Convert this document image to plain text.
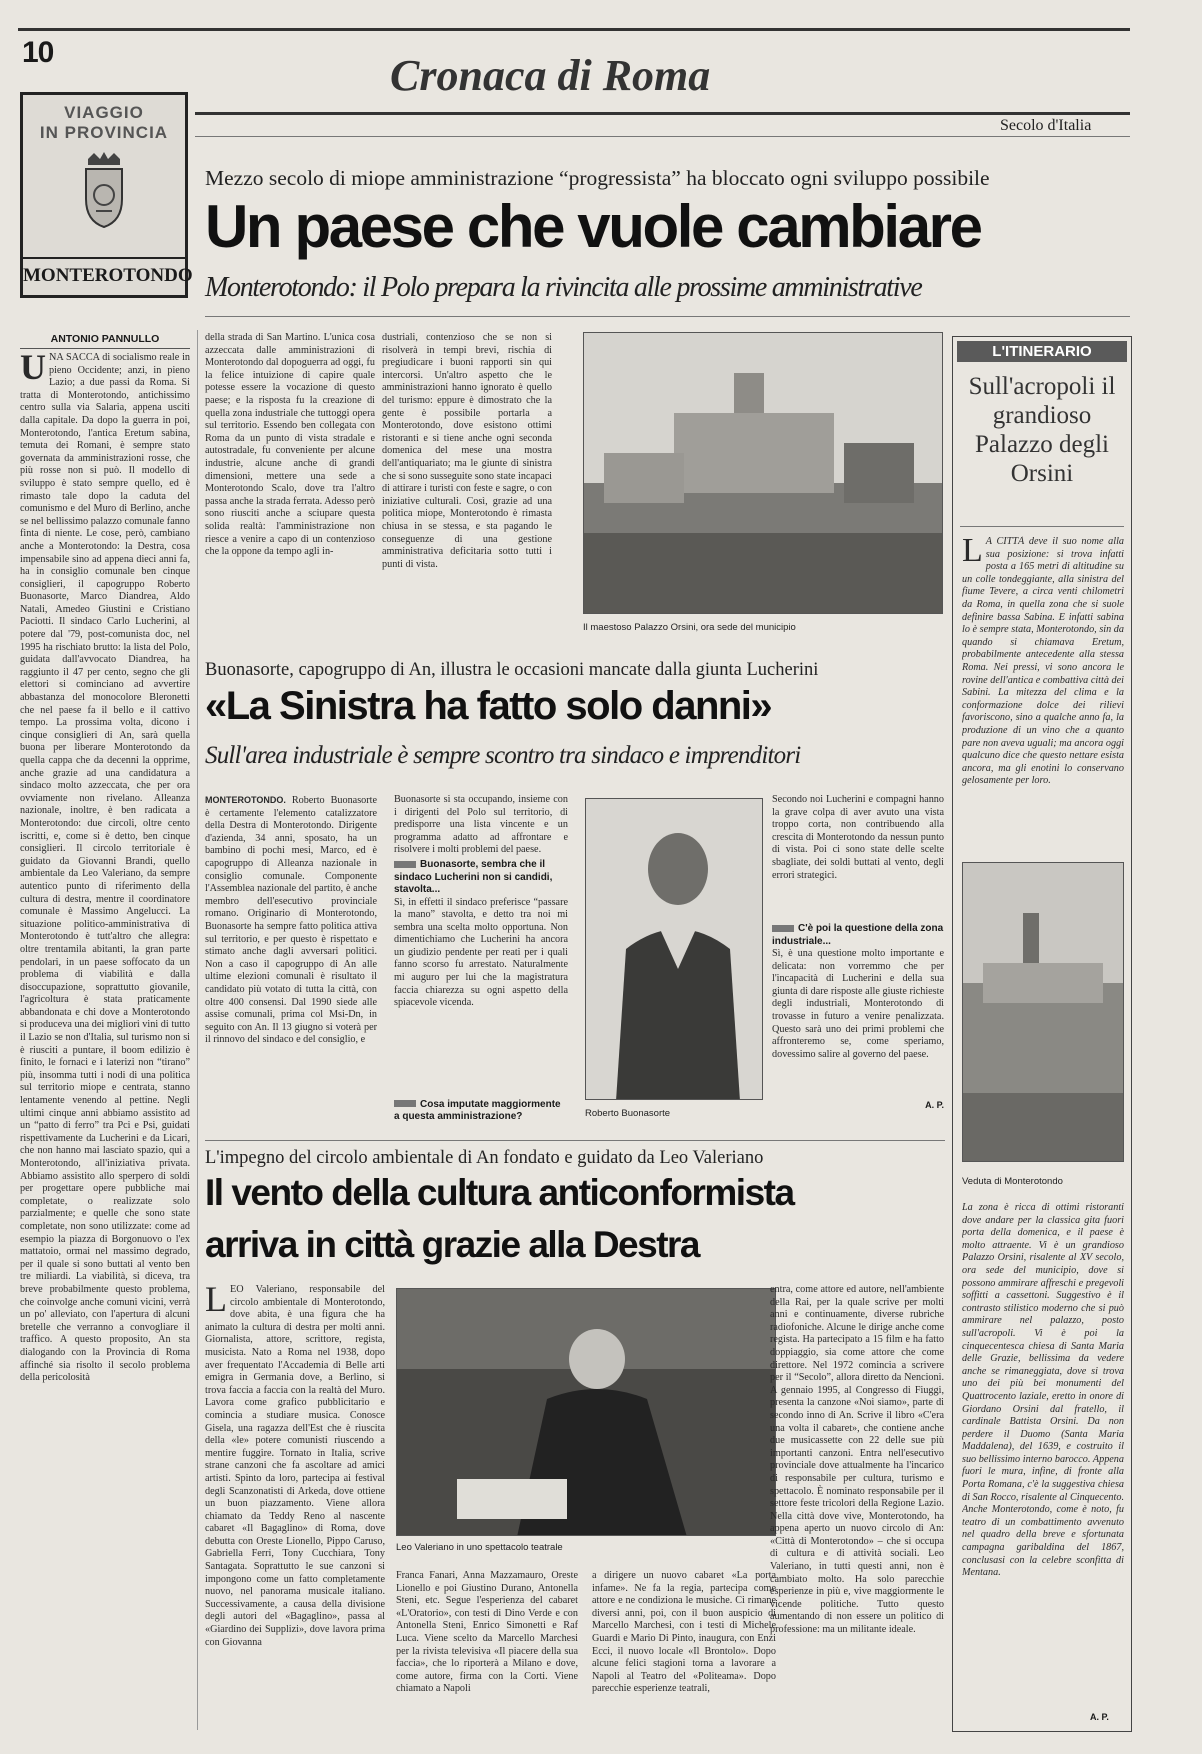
10	Cronaca di Roma
Secolo d'Italia
VIAGGIO
IN PROVINCIA
MONTEROTONDO
Mezzo secolo di miope amministrazione “progressista” ha bloccato ogni sviluppo possibile
Un paese che vuole cambiare
Monterotondo: il Polo prepara la rivincita alle prossime amministrative
ANTONIO PANNULLO
UNA SACCA di socialismo reale in pieno Occidente; anzi, in pieno Lazio; a due passi da Roma. Si tratta di Monterotondo, antichissimo centro sulla via Salaria, appena usciti dalla capitale. Da dopo la guerra in poi, Monterotondo, l'antica Eretum sabina, temuta dei Romani, è sempre stato governata da amministrazioni rosse, che più rosse non si può. Il modello di sviluppo è stato sempre quello, ed è rimasto tale dopo la caduta del comunismo e del Muro di Berlino, anche se nel bellissimo palazzo comunale fanno finta di niente. Le cose, però, cambiano anche a Monterotondo: la Destra, cosa impensabile sino ad appena dieci anni fa, ha in consiglio comunale ben cinque consiglieri, il capogruppo Roberto Buonasorte, Marco Diandrea, Aldo Natali, Amedeo Giustini e Cristiano Paciotti. Il sindaco Carlo Lucherini, al potere dal '79, post-comunista doc, nel 1995 ha rischiato brutto: la lista del Polo, guidata dall'avvocato Diandrea, ha raggiunto il 47 per cento, segno che gli elettori si cominciano ad avvertire abbastanza del monocolore Bleronetti che nel paese fa il bello e il cattivo tempo. La prossima volta, dicono i cinque consiglieri di An, sarà quella buona per liberare Monterotondo da quella cappa che da decenni la opprime, anche grazie ad una candidatura a sindaco molto azzeccata, che per ora ovviamente non rivelano. Alleanza nazionale, inoltre, è ben radicata a Monterotondo: due circoli, oltre cento iscritti, e, come si è detto, ben cinque consiglieri. Il circolo territoriale è guidato da Giovanni Brandi, quello ambientale da Leo Valeriano, da sempre autentico punto di riferimento della cultura di destra, mentre il coordinatore comunale è Massimo Angelucci. La situazione politico-amministrativa di Monterotondo è tutt'altro che allegra: oltre trentamila abitanti, la gran parte pendolari, in un paese soffocato da un problema di viabilità e dalla disoccupazione, soprattutto giovanile, l'agricoltura è stata praticamente abbandonata e chi dove a Monterotondo si produceva una dei migliori vini di tutto il Lazio se non d'Italia, sul turismo non si è riusciti a puntare, il boom edilizio è finito, le fornaci e i laterizi non “tirano” più, insomma tutti i nodi di una politica sul territorio miope e centrata, stanno lentamente venendo al pettine. Negli ultimi cinque anni abbiamo assistito ad un “patto di ferro” tra Pci e Psi, guidati rispettivamente da Lucherini e da Licari, che non hanno mai lasciato spazio, qui a Monterotondo, all'iniziativa privata. Abbiamo assistito allo sperpero di soldi per progettare opere pubbliche mai completate, o realizzate solo parzialmente; e quelle che sono state completate, non sono utilizzate: come ad esempio la piazza di Borgonuovo o l'ex mattatoio, ormai nel massimo degrado, per il quale si sono buttati al vento ben tre miliardi. La viabilità, si diceva, tra breve probabilmente questo problema, che coinvolge anche comuni vicini, verrà un po' alleviato, con l'apertura di alcuni bretelle che verranno a convogliare il traffico. A questo proposito, An sta dialogando con la Provincia di Roma affinché sia risolto il secolo problema della pericolosità
della strada di San Martino. L'unica cosa azzeccata dalle amministrazioni di Monterotondo dal dopoguerra ad oggi, fu la felice intuizione di capire quale potesse essere la vocazione di questo paese; e la risposta fu la creazione di quella zona industriale che tuttoggi opera sul territorio. Essendo ben collegata con Roma da un punto di vista stradale e autostradale, fu conveniente per alcune industrie, alcune anche di grandi dimensioni, mettere una sede a Monterotondo Scalo, dove tra l'altro passa anche la strada ferrata. Adesso però sono riusciti anche a sciupare questa solida realtà: l'amministrazione non riesce a venire a capo di un contenzioso che la oppone da tempo agli in-
dustriali, contenzioso che se non si risolverà in tempi brevi, rischia di pregiudicare i buoni rapporti sin qui intercorsi. Un'altro aspetto che le amministrazioni hanno ignorato è quello del turismo: eppure è dimostrato che la gente è possibile portarla a Monterotondo, dove esistono ottimi ristoranti e si tiene anche ogni seconda domenica del mese una mostra dell'antiquariato; ma le giunte di sinistra che si sono susseguite sono state incapaci di attirare i turisti con feste e sagre, o con iniziative culturali. Così, grazie ad una politica miope, Monterotondo è rimasta chiusa in se stessa, e sta pagando le conseguenze di una gestione amministrativa deficitaria sotto tutti i punti di vista.
Il maestoso Palazzo Orsini, ora sede del municipio
L'ITINERARIO
Sull'acropoli il grandioso Palazzo degli Orsini
L A CITTÀ deve il suo nome alla sua posizione: si trova infatti posta a 165 metri di altitudine su un colle tondeggiante, alla sinistra del fiume Tevere, a circa venti chilometri da Roma, in quella zona che si suole definire bassa Sabina. E infatti sabina lo è sempre stata, Monterotondo, sin da quando si chiamava Eretum, probabilmente antecedente alla stessa Roma. Nei pressi, vi sono ancora le rovine dell'antica e combattiva città dei Sabini. La mitezza del clima e la conformazione dolce dei rilievi favoriscono, sino a qualche anno fa, la produzione di un vino che a quanto pare non aveva uguali; ma ancora oggi qualcuno dice che questo nettare esista ancora, ma gli enotini lo conservano gelosamente per loro.
Veduta di Monterotondo
La zona è ricca di ottimi ristoranti dove andare per la classica gita fuori porta della domenica, e il paese è molto attraente. Vi è un grandioso Palazzo Orsini, risalente al XV secolo, ora sede del municipio, dove si possono ammirare affreschi e pregevoli soffitti a cassettoni. Suggestivo è il contrasto stilistico moderno che si può ammirare nel palazzo, posto sull'acropoli. Vi è poi la cinquecentesca chiesa di Santa Maria delle Grazie, bellissima da vedere anche se rimaneggiata, dove si trova uno dei più bei monumenti del Quattrocento laziale, eretto in onore di Giordano Orsini dal fratello, il cardinale Battista Orsini. Da non perdere il Duomo (Santa Maria Maddalena), del 1639, e costruito il suo bellissimo interno barocco. Appena fuori le mura, infine, di fronte alla Porta Romana, c'è la suggestiva chiesa di San Rocco, risalente al Cinquecento. Anche Monterotondo, come è noto, fu teatro di un combattimento avvenuto nel quadro della breve e sfortunata campagna garibaldina del 1867, conclusasi con la celebre sconfitta di Mentana.
A. P.
Buonasorte, capogruppo di An, illustra le occasioni mancate dalla giunta Lucherini
«La Sinistra ha fatto solo danni»
Sull'area industriale è sempre scontro tra sindaco e imprenditori
MONTEROTONDO. Roberto Buonasorte è certamente l'elemento catalizzatore della Destra di Monterotondo. Dirigente d'azienda, 34 anni, sposato, ha un bambino di pochi mesi, Marco, ed è capogruppo di Alleanza nazionale in consiglio comunale. Componente l'Assemblea nazionale del partito, è anche membro dell'esecutivo provinciale romano. Originario di Monterotondo, Buonasorte ha sempre fatto politica attiva sul territorio, e per questo è rispettato e stimato anche dagli avversari politici. Non a caso il capogruppo di An alle ultime elezioni comunali è risultato il candidato più votato di tutta la città, con oltre 400 consensi. Dal 1990 siede alle assise comunali, prima col Msi-Dn, in seguito con An. Il 13 giugno si voterà per il rinnovo del sindaco e del consiglio, e
Buonasorte si sta occupando, insieme con i dirigenti del Polo sul territorio, di predisporre una lista vincente e un programma adatto ad affrontare e risolvere i molti problemi del paese.
Buonasorte, sembra che il sindaco Lucherini non si candidi, stavolta...
Sì, in effetti il sindaco preferisce “passare la mano” stavolta, e detto tra noi mi sembra una scelta molto opportuna. Non dimentichiamo che Lucherini ha ancora un giudizio pendente per reati per i quali fanno scorso fu arrestato. Naturalmente mi auguro per lui che la magistratura faccia chiarezza su ogni aspetto della spiacevole vicenda.
Cosa imputate maggiormente a questa amministrazione?	Roberto Buonasorte
Secondo noi Lucherini e compagni hanno la grave colpa di aver avuto una vista troppo corta, non contribuendo alla crescita di Monterotondo da nessun punto di vista. Poi ci sono state delle scelte sbagliate, dei soldi buttati al vento, degli errori strategici.
C'è poi la questione della zona industriale...
Sì, è una questione molto importante e delicata: non vorremmo che per l'incapacità di Lucherini e della sua giunta di dare risposte alle giuste richieste degli industriali, Monterotondo di trovasse in futuro a venire penalizzata. Questo sarà uno dei primi problemi che affronteremo se, come speriamo, dovessimo salire al governo del paese.
A. P.
L'impegno del circolo ambientale di An fondato e guidato da Leo Valeriano
Il vento della cultura anticonformista
arriva in città grazie alla Destra
LEO Valeriano, responsabile del circolo ambientale di Monterotondo, dove abita, è una figura che ha animato la cultura di destra per molti anni. Giornalista, attore, scrittore, regista, musicista. Nato a Roma nel 1938, dopo aver frequentato l'Accademia di Belle arti emigra in Germania dove, a Berlino, si trova faccia a faccia con la realtà del Muro. Lavora come grafico pubblicitario e comincia a studiare musica. Conosce Gisela, una ragazza dell'Est che è riuscita della «le» potere comunisti riuscendo a mentire fuggire. Tornato in Italia, scrive strane canzoni che fa ascoltare ad amici artisti. Spinto da loro, partecipa ai festival degli Scanzonatisti di Arkeda, dove ottiene un buon piazzamento. Viene allora chiamato da Teddy Reno al nascente cabaret «Il Bagaglino» di Roma, dove debutta con Oreste Lionello, Pippo Caruso, Gabriella Ferri, Tony Cucchiara, Tony Santagata. Soprattutto le sue canzoni si impongono come un fatto completamente nuovo, nel panorama musicale italiano. Successivamente, a causa della divisione degli autori del «Bagaglino», passa al «Giardino dei Supplizi», dove lavora prima con Giovanna
Leo Valeriano in uno spettacolo teatrale
Franca Fanari, Anna Mazzamauro, Oreste Lionello e poi Giustino Durano, Antonella Steni, etc. Segue l'esperienza del cabaret «L'Oratorio», con testi di Dino Verde e con Antonella Steni, Enrico Simonetti e Raf Luca. Viene scelto da Marcello Marchesi per la rivista televisiva «Il piacere della sua faccia», che lo riporterà a Milano e dove, come autore, firma con la Corti. Viene chiamato a Napoli
a dirigere un nuovo cabaret «La porta infame». Ne fa la regia, partecipa come attore e ne condiziona le musiche. Ci rimane diversi anni, poi, con il buon auspicio di Marcello Marchesi, con i testi di Michele Guardì e Mario Di Pinto, inaugura, con Enzi Ecci, il nuovo locale «Il Brontolo». Dopo alcune felici stagioni torna a lavorare a Napoli al Teatro del «Politeama». Dopo parecchie esperienze teatrali,
entra, come attore ed autore, nell'ambiente della Rai, per la quale scrive per molti anni e continuamente, diverse rubriche radiofoniche. Alcune le dirige anche come regista. Ha partecipato a 15 film e ha fatto doppiaggio, sia come attore che come direttore. Nel 1972 comincia a scrivere per il “Secolo”, allora diretto da Nencioni. A gennaio 1995, al Congresso di Fiuggi, presenta la canzone «Noi siamo», parte di secondo inno di An. Scrive il libro «C'era una volta il cabaret», che contiene anche due musicassette con 22 delle sue più importanti canzoni. Entra nell'esecutivo provinciale dove attualmente ha l'incarico di responsabile per cultura, turismo e spettacolo. È nominato responsabile per il settore feste tricolori della Regione Lazio. Nella città dove vive, Monterotondo, ha appena aperto un nuovo circolo di An: «Città di Monterotondo» – che si occupa di cultura e di attività sociali. Leo Valeriano, in tutti questi anni, non è cambiato molto. Ha solo parecchie esperienze in più e, vive maggiormente le vicende politiche. Tutto questo aumentando di non essere un politico di professione: ma un militante ideale.
